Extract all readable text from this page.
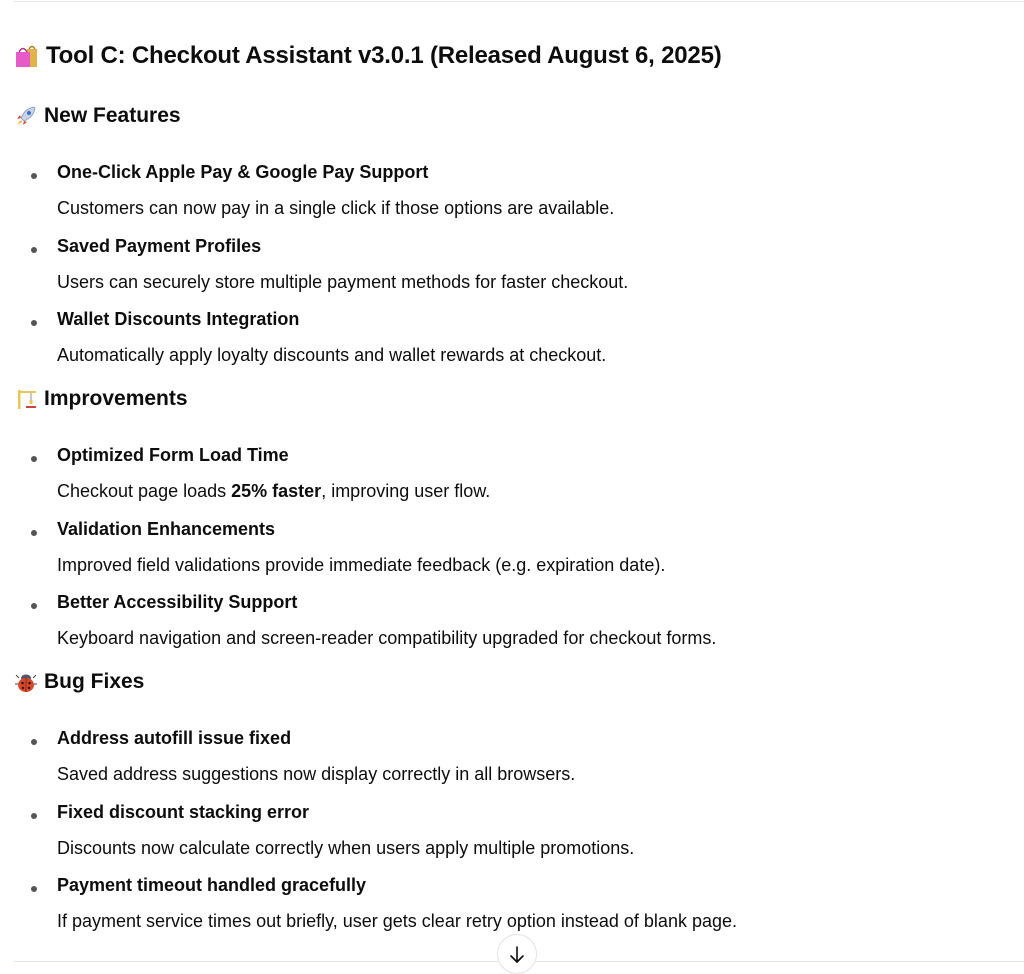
Tool C: Checkout Assistant v3.0.1 (Released August 6, 2025)
New Features
One-Click Apple Pay & Google Pay Support
Customers can now pay in a single click if those options are available.
Saved Payment Profiles
Users can securely store multiple payment methods for faster checkout.
Wallet Discounts Integration
Automatically apply loyalty discounts and wallet rewards at checkout.
Improvements
Optimized Form Load Time
Checkout page loads 25% faster, improving user flow.
Validation Enhancements
Improved field validations provide immediate feedback (e.g. expiration date).
Better Accessibility Support
Keyboard navigation and screen-reader compatibility upgraded for checkout forms.
Bug Fixes
Address autofill issue fixed
Saved address suggestions now display correctly in all browsers.
Fixed discount stacking error
Discounts now calculate correctly when users apply multiple promotions.
Payment timeout handled gracefully
If payment service times out briefly, user gets clear retry option instead of blank page.
